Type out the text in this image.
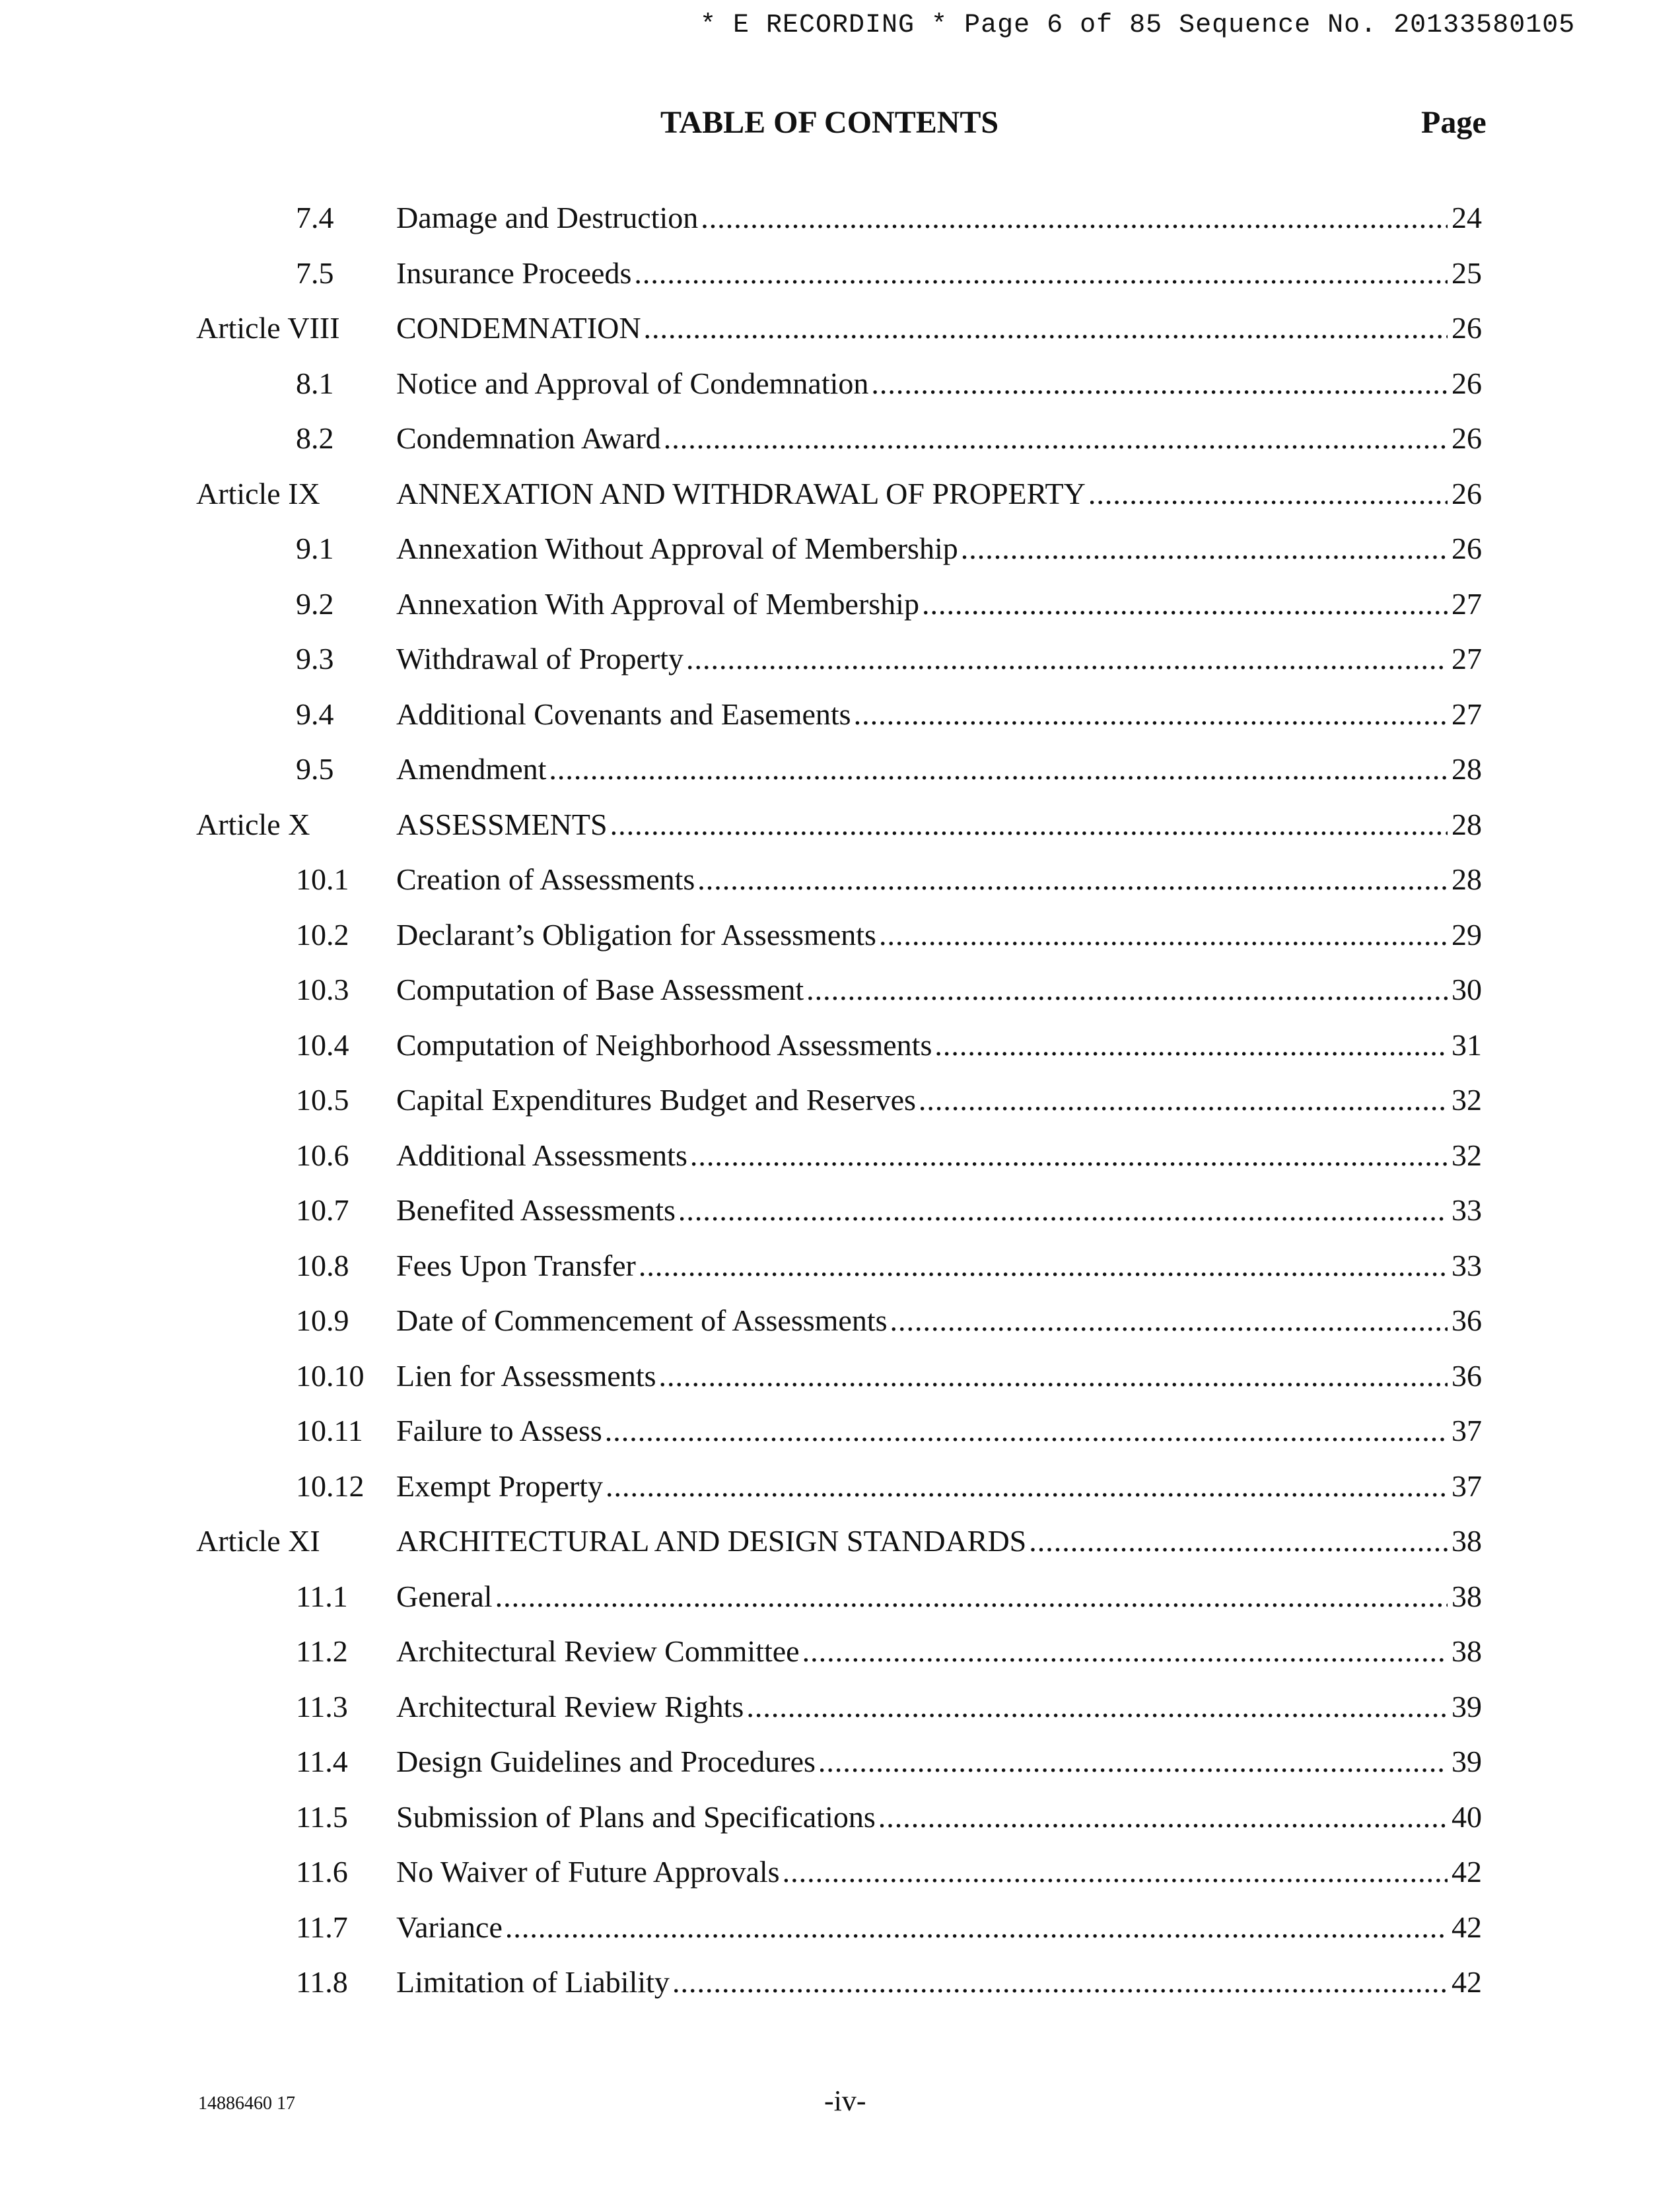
* E RECORDING * Page 6 of 85 Sequence No. 20133580105
TABLE OF CONTENTS	Page
7.4 Damage and Destruction .....	24
7.5 Insurance Proceeds .....	25
Article VIII CONDEMNATION .....	26
8.1 Notice and Approval of Condemnation .....	26
8.2 Condemnation Award .....	26
Article IX	ANNEXATION AND WITHDRAWAL OF PROPERTY .....	26
9.1 Annexation Without Approval of Membership .....	26
9.2 Annexation With Approval of Membership .....	27
9.3 Withdrawal of Property .....	27
9.4 Additional Covenants and Easements .....	27
9.5 Amendment .....	28
Article X	ASSESSMENTS .....	28
10.1 Creation of Assessments .....	28
10.2 Declarant’s Obligation for Assessments .....	29
10.3 Computation of Base Assessment .....	30
10.4 Computation of Neighborhood Assessments .....	31
10.5 Capital Expenditures Budget and Reserves .....	32
10.6 Additional Assessments .....	32
10.7 Benefited Assessments .....	33
10.8 Fees Upon Transfer .....	33
10.9 Date of Commencement of Assessments .....	36
10.10 Lien for Assessments .....	36
10.11 Failure to Assess .....	37
10.12 Exempt Property .....	37
Article XI	ARCHITECTURAL AND DESIGN STANDARDS .....	38
11.1 General .....	38
11.2 Architectural Review Committee .....	38
11.3 Architectural Review Rights .....	39
11.4 Design Guidelines and Procedures .....	39
11.5 Submission of Plans and Specifications .....	40
11.6 No Waiver of Future Approvals .....	42
11.7 Variance .....	42
11.8 Limitation of Liability .....	42
14886460 17	-iv-
